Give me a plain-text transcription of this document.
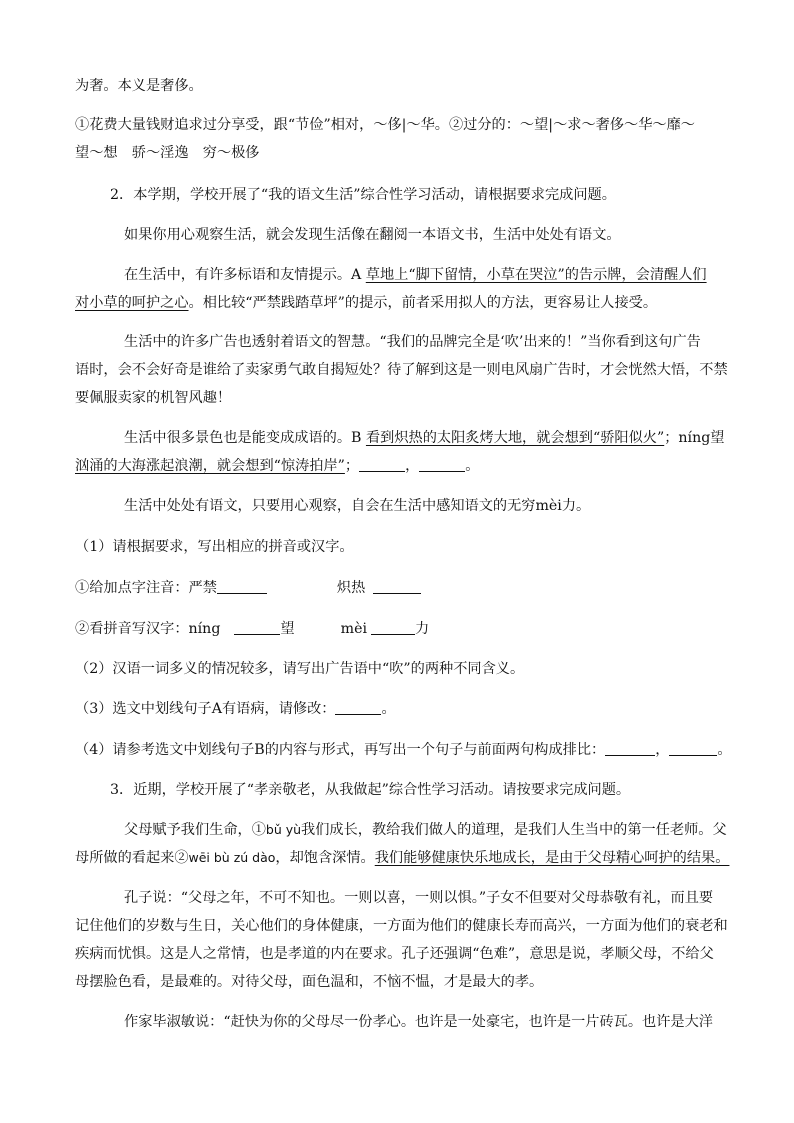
为奢。本义是奢侈。
①花费大量钱财追求过分享受，跟“节俭”相对，～侈|～华。②过分的：～望|～求～奢侈～华～靡～
望～想　骄～淫逸　穷～极侈
2．本学期，学校开展了“我的语文生活”综合性学习活动，请根据要求完成问题。
如果你用心观察生活，就会发现生活像在翻阅一本语文书，生活中处处有语文。
在生活中，有许多标语和友情提示。A 草地上“脚下留情，小草在哭泣”的告示牌，会清醒人们
对小草的呵护之心。相比较“严禁践踏草坪”的提示，前者采用拟人的方法，更容易让人接受。
生活中的许多广告也透射着语文的智慧。“我们的品牌完全是‘吹’出来的！”当你看到这句广告
语时，会不会好奇是谁给了卖家勇气敢自揭短处？待了解到这是一则电风扇广告时，才会恍然大悟，不禁
要佩服卖家的机智风趣！
生活中很多景色也是能变成成语的。B 看到炽热的太阳炙烤大地，就会想到“骄阳似火”；níng望
汹涌的大海涨起浪潮，就会想到“惊涛拍岸”；	，	。
生活中处处有语文，只要用心观察，自会在生活中感知语文的无穷mèi力。
（1）请根据要求，写出相应的拼音或汉字。
①给加点字注音：严禁	炽热
②看拼音写汉字：níng	望	mèi	力
（2）汉语一词多义的情况较多，请写出广告语中“吹”的两种不同含义。
（3）选文中划线句子A有语病，请修改：	。
（4）请参考选文中划线句子B的内容与形式，再写出一个句子与前面两句构成排比：	，	。
3．近期，学校开展了“孝亲敬老，从我做起”综合性学习活动。请按要求完成问题。
父母赋予我们生命，①bǔ yù我们成长，教给我们做人的道理，是我们人生当中的第一任老师。父
母所做的看起来②wēi bù zú dào，却饱含深情。我们能够健康快乐地成长，是由于父母精心呵护的结果。
孔子说：“父母之年，不可不知也。一则以喜，一则以惧。”子女不但要对父母恭敬有礼，而且要
记住他们的岁数与生日，关心他们的身体健康，一方面为他们的健康长寿而高兴，一方面为他们的衰老和
疾病而忧惧。这是人之常情，也是孝道的内在要求。孔子还强调“色难”，意思是说，孝顺父母，不给父
母摆脸色看，是最难的。对待父母，面色温和，不恼不愠，才是最大的孝。
作家毕淑敏说：“赶快为你的父母尽一份孝心。也许是一处豪宅，也许是一片砖瓦。也许是大洋
